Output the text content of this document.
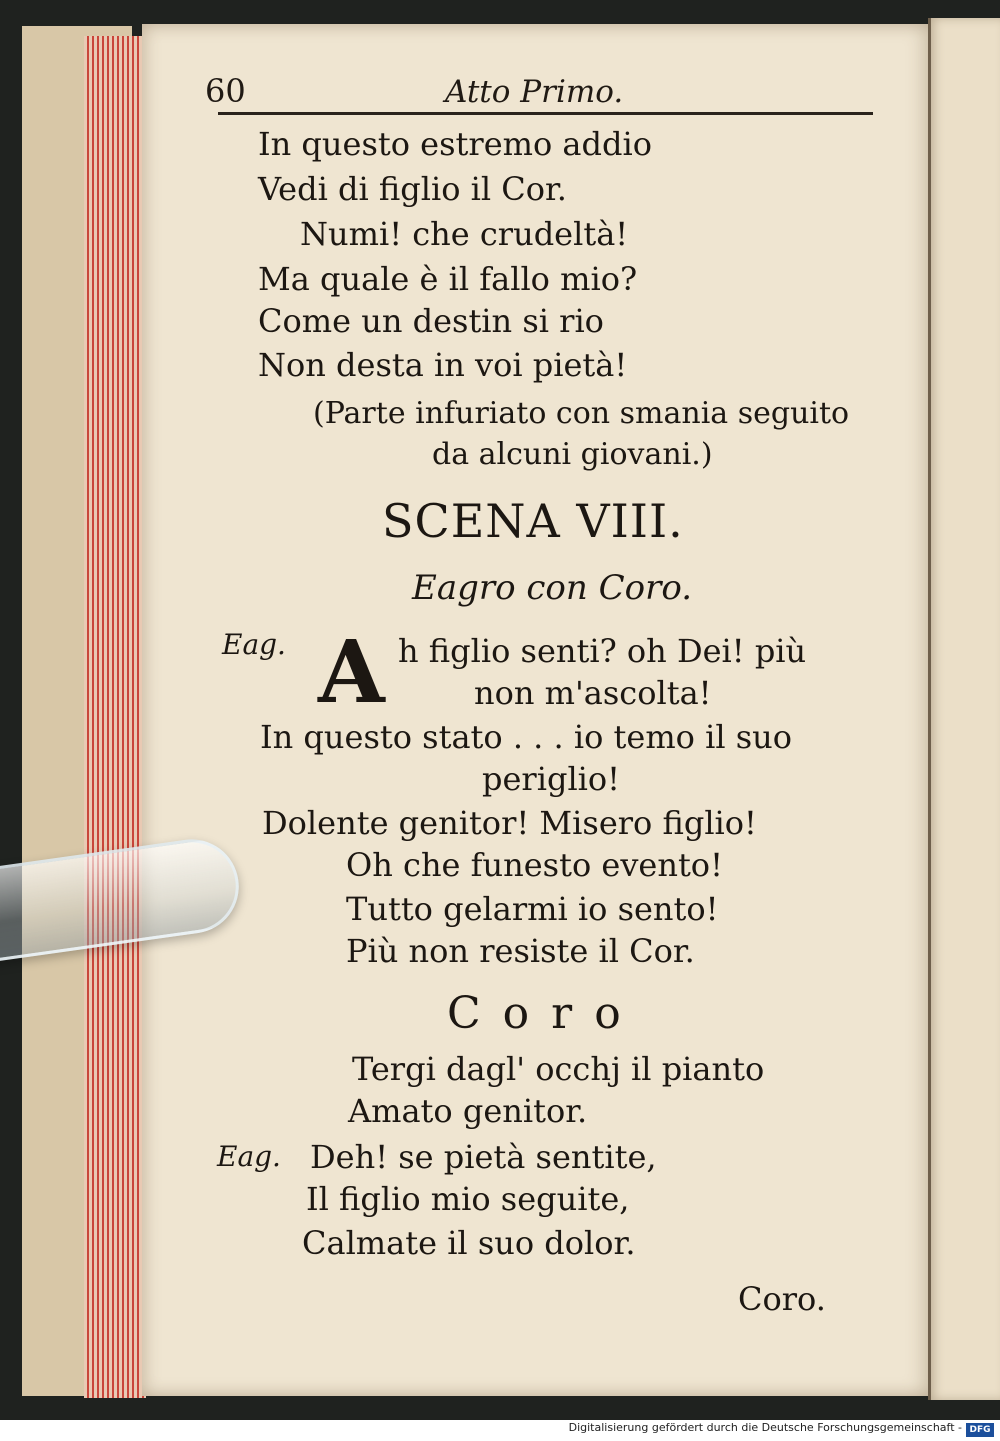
60	Atto Primo.
In questo estremo addio
Vedi di figlio il Cor.
Numi! che crudeltà!
Ma quale è il fallo mio?
Come un destin si rio
Non desta in voi pietà!
(Parte infuriato con smania seguito
da alcuni giovani.)
SCENA VIII.
Eagro con Coro.
Eag. A h figlio senti? oh Dei! più
non m'ascolta!
In questo stato . . . io temo il suo
periglio!
Dolente genitor! Misero figlio!
Oh che funesto evento!
Tutto gelarmi io sento!
Più non resiste il Cor.
Coro
Tergi dagl' occhj il pianto
Amato genitor.
Eag. Deh! se pietà sentite,
Il figlio mio seguite,
Calmate il suo dolor.
Coro.
Digitalisierung gefördert durch die Deutsche Forschungsgemeinschaft - DFG
